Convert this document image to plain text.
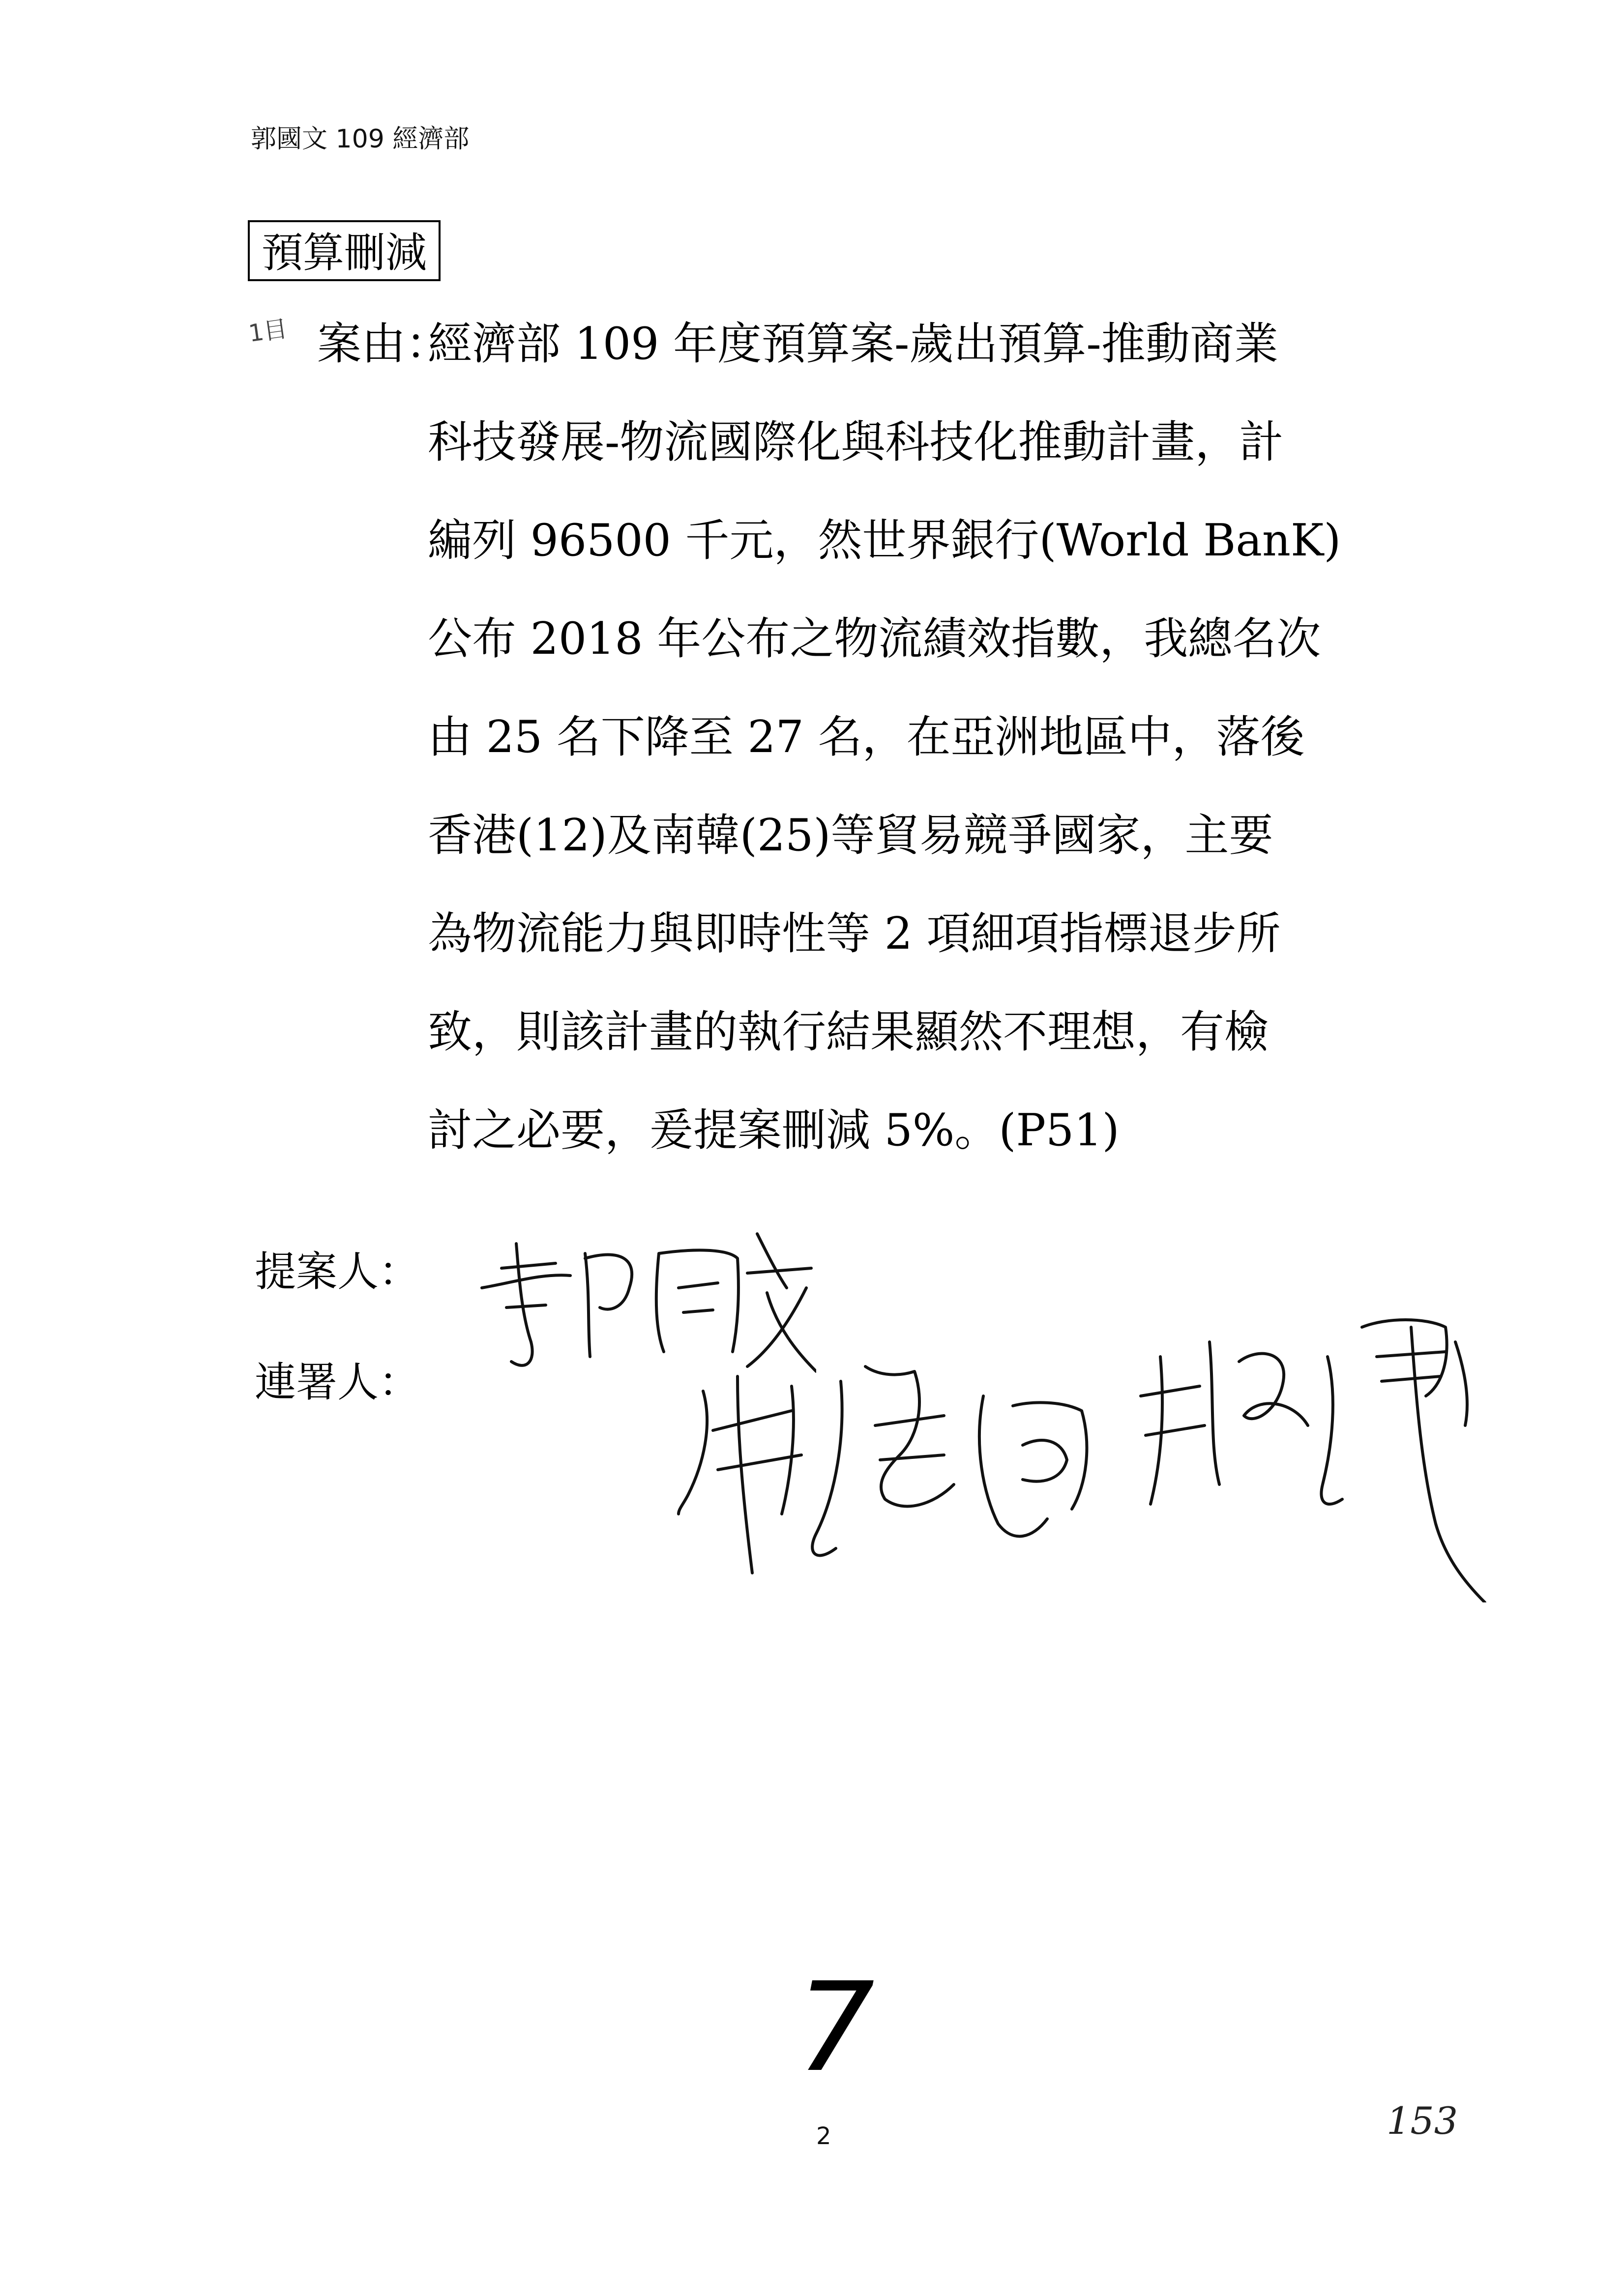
郭國文 109 經濟部
預算刪減
1目 案由：
經濟部 109 年度預算案-歲出預算-推動商業
科技發展-物流國際化與科技化推動計畫，計
編列 96500 千元，然世界銀行(World BanK)
公布 2018 年公布之物流績效指數，我總名次
由 25 名下降至 27 名，在亞洲地區中，落後
香港(12)及南韓(25)等貿易競爭國家，主要
為物流能力與即時性等 2 項細項指標退步所
致，則該計畫的執行結果顯然不理想，有檢
討之必要，爰提案刪減 5%。(P51)
提案人：
連署人：
7
2	153
